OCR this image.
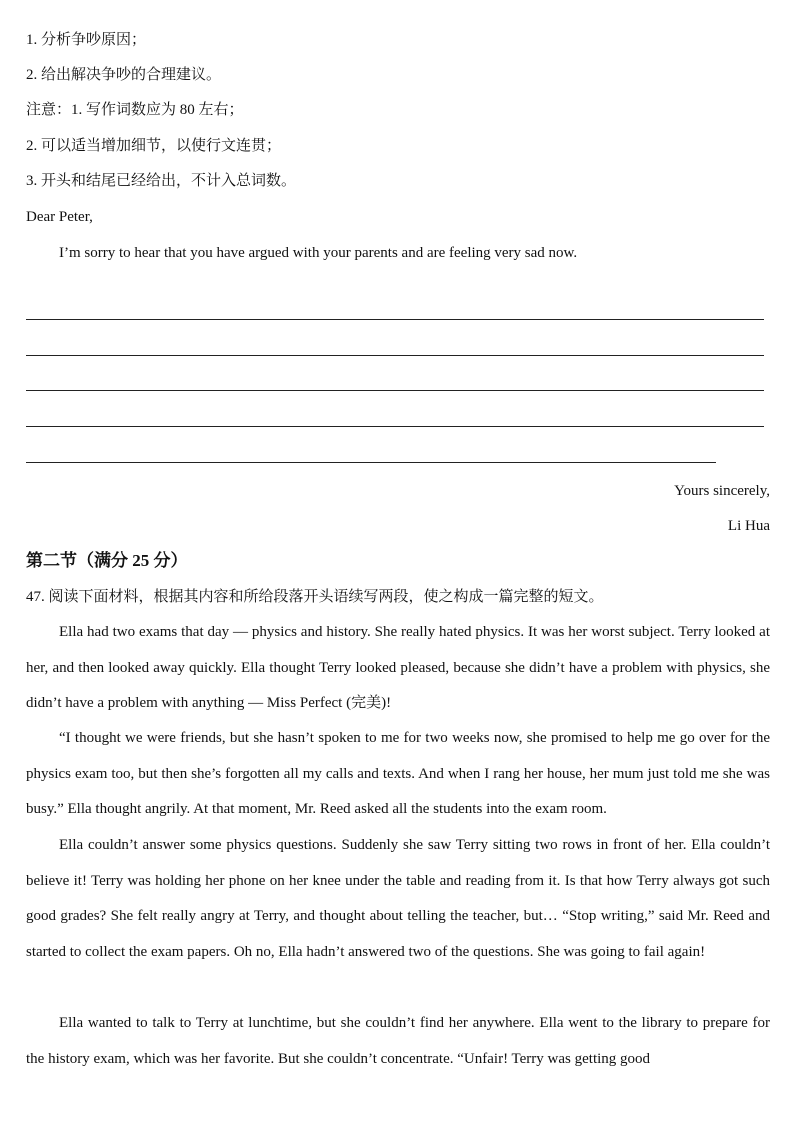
1. 分析争吵原因；
2. 给出解决争吵的合理建议。
注意：1. 写作词数应为 80 左右；
2. 可以适当增加细节，以使行文连贯；
3. 开头和结尾已经给出，不计入总词数。
Dear Peter,
I’m sorry to hear that you have argued with your parents and are feeling very sad now.
Yours sincerely,
Li Hua
第二节（满分 25 分）
47. 阅读下面材料，根据其内容和所给段落开头语续写两段，使之构成一篇完整的短文。
Ella had two exams that day — physics and history. She really hated physics. It was her worst subject. Terry looked at her, and then looked away quickly. Ella thought Terry looked pleased, because she didn’t have a problem with physics, she didn’t have a problem with anything — Miss Perfect (完美)!
“I thought we were friends, but she hasn’t spoken to me for two weeks now, she promised to help me go over for the physics exam too, but then she’s forgotten all my calls and texts. And when I rang her house, her mum just told me she was busy.” Ella thought angrily. At that moment, Mr. Reed asked all the students into the exam room.
Ella couldn’t answer some physics questions. Suddenly she saw Terry sitting two rows in front of her. Ella couldn’t believe it! Terry was holding her phone on her knee under the table and reading from it. Is that how Terry always got such good grades? She felt really angry at Terry, and thought about telling the teacher, but… “Stop writing,” said Mr. Reed and started to collect the exam papers. Oh no, Ella hadn’t answered two of the questions. She was going to fail again!
Ella wanted to talk to Terry at lunchtime, but she couldn’t find her anywhere. Ella went to the library to prepare for the history exam, which was her favorite. But she couldn’t concentrate. “Unfair! Terry was getting good
